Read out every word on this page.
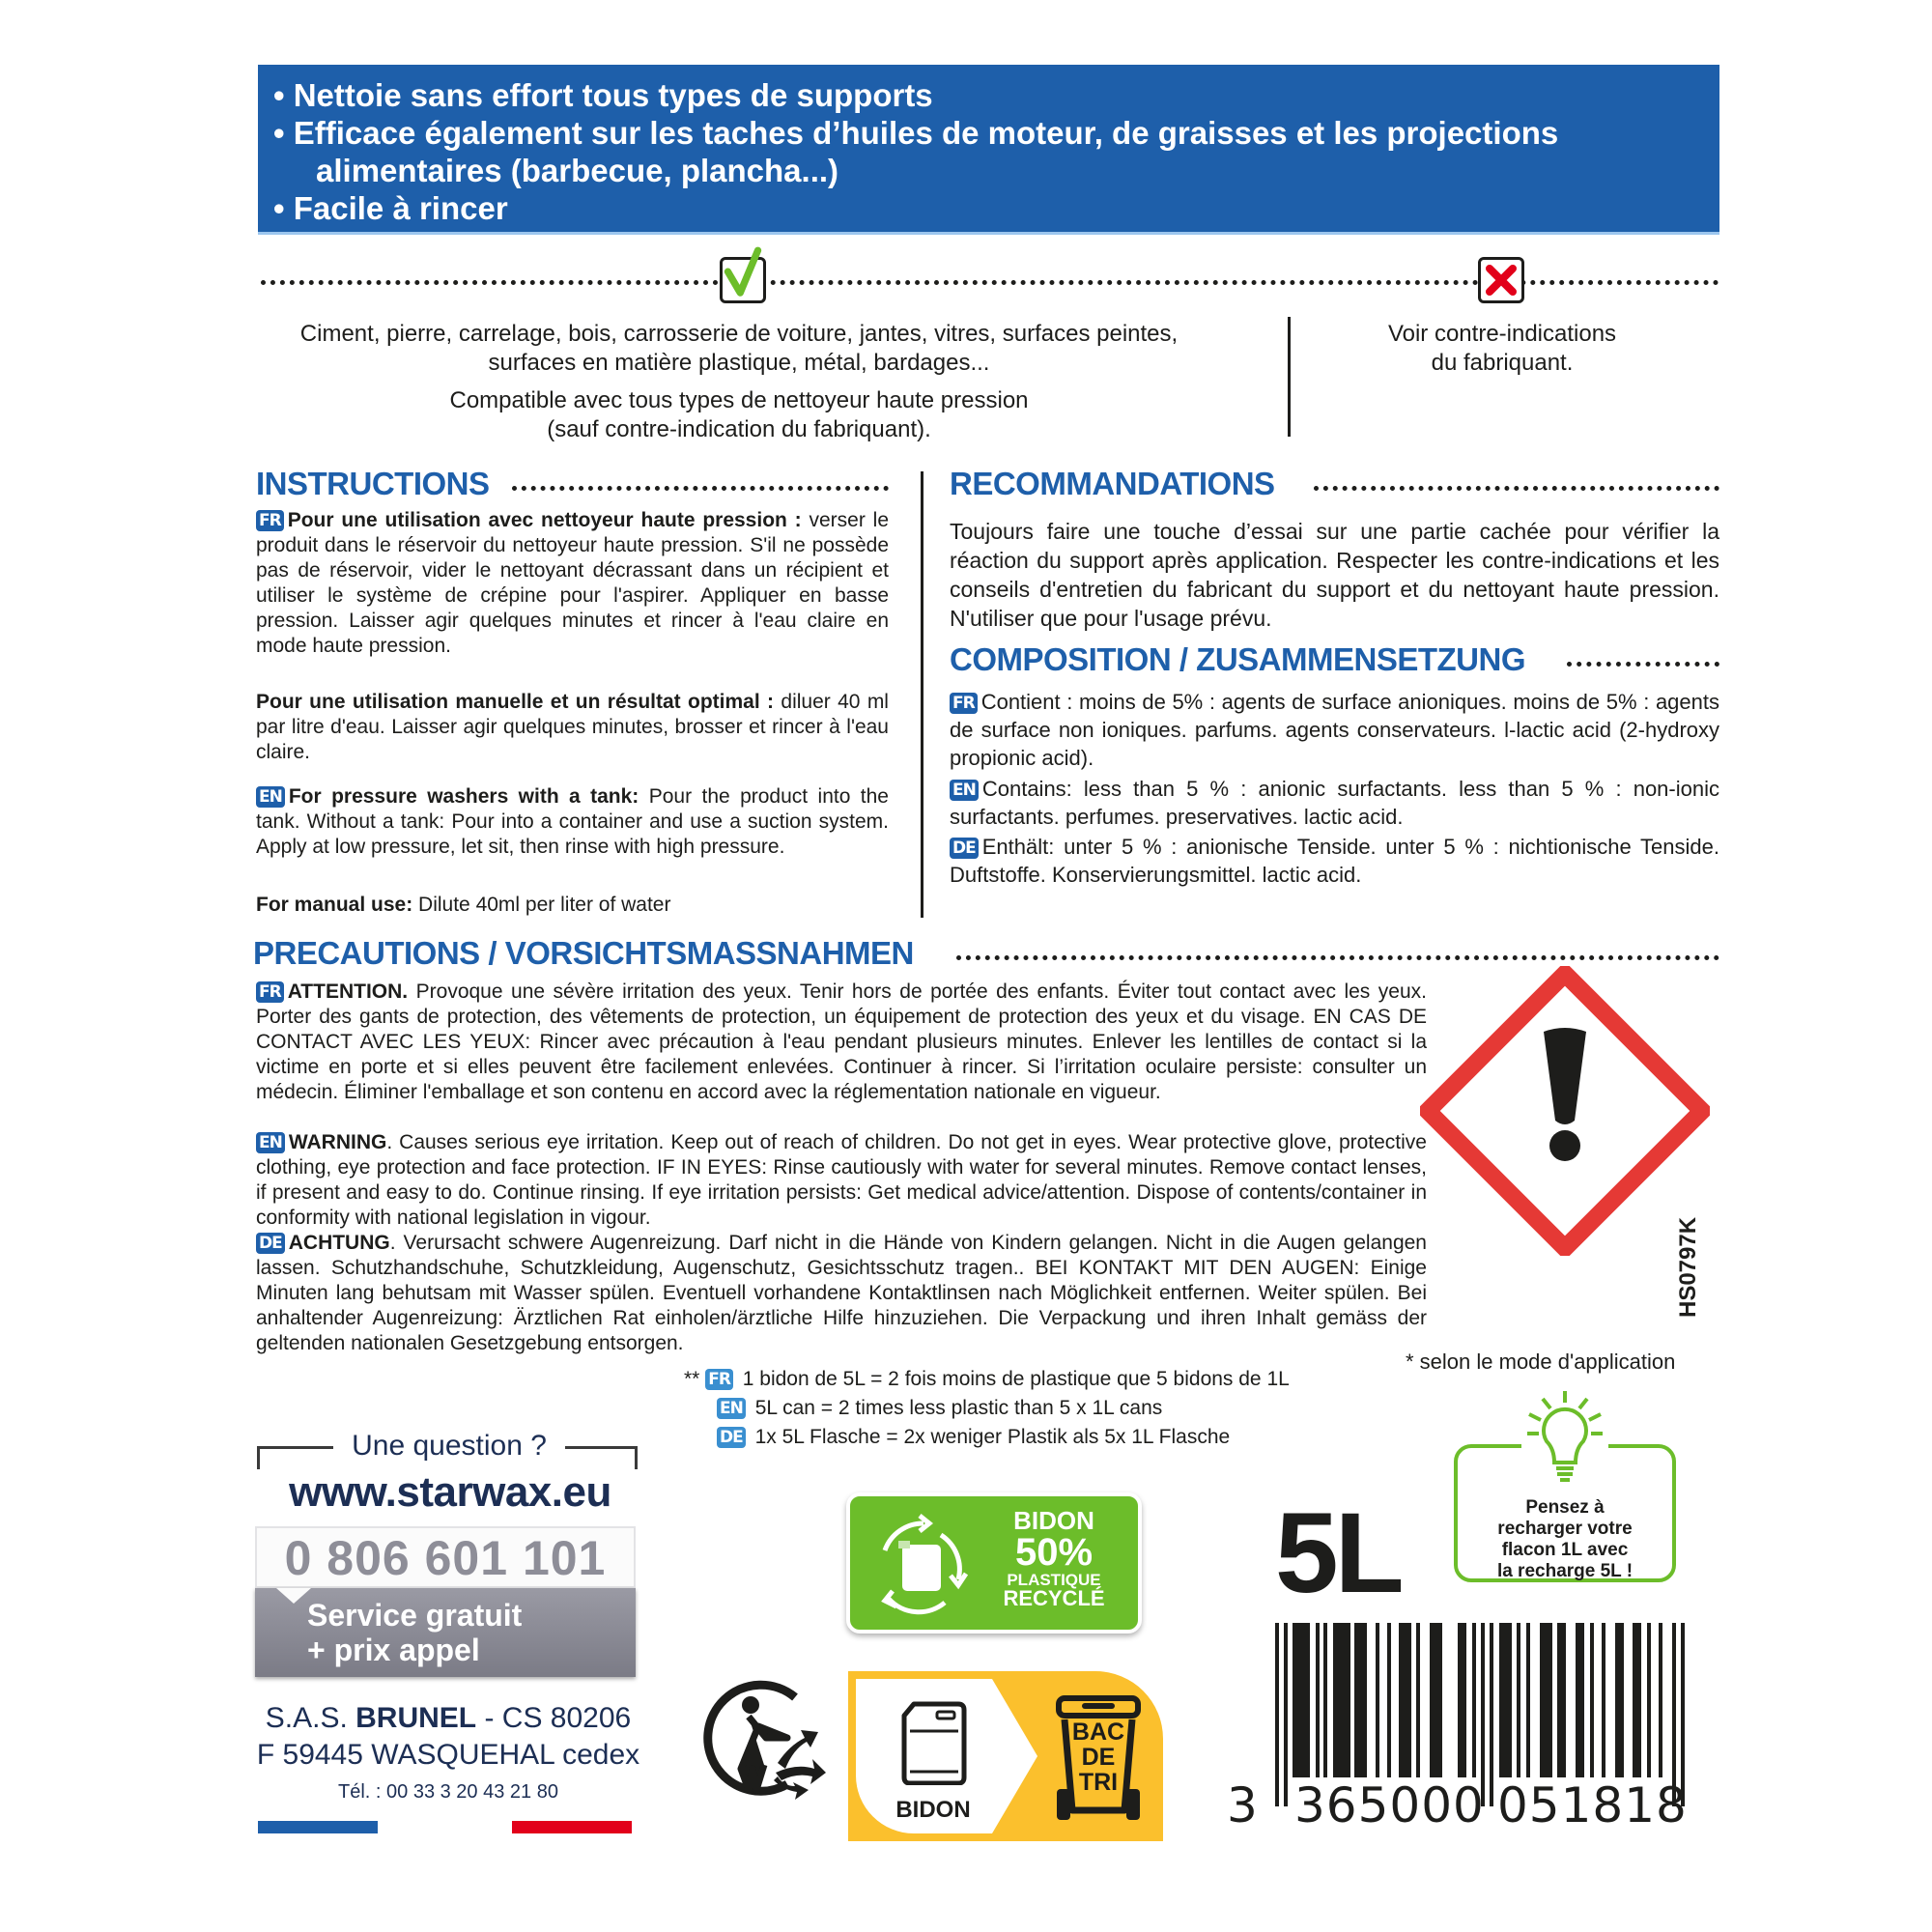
• Nettoie sans effort tous types de supports
• Efficace également sur les taches d’huiles de moteur, de graisses et les projections
alimentaires (barbecue, plancha...)
• Facile à rincer
Ciment, pierre, carrelage, bois, carrosserie de voiture, jantes, vitres, surfaces peintes,
surfaces en matière plastique, métal, bardages...
Compatible avec tous types de nettoyeur haute pression
(sauf contre-indication du fabriquant).
Voir contre-indications
du fabriquant.
INSTRUCTIONS
FR Pour une utilisation avec nettoyeur haute pression : verser le produit dans le réservoir du nettoyeur haute pression. S'il ne possède pas de réservoir, vider le nettoyant décrassant dans un récipient et utiliser le système de crépine pour l'aspirer. Appliquer en basse pression. Laisser agir quelques minutes et rincer à l'eau claire en mode haute pression.
Pour une utilisation manuelle et un résultat optimal : diluer 40 ml par litre d'eau. Laisser agir quelques minutes, brosser et rincer à l'eau claire.
EN For pressure washers with a tank: Pour the product into the tank. Without a tank: Pour into a container and use a suction system. Apply at low pressure, let sit, then rinse with high pressure.
For manual use: Dilute 40ml per liter of water
RECOMMANDATIONS
Toujours faire une touche d’essai sur une partie cachée pour vérifier la réaction du support après application. Respecter les contre-indications et les conseils d'entretien du fabricant du support et du nettoyant haute pression. N'utiliser que pour l'usage prévu.
COMPOSITION / ZUSAMMENSETZUNG
FR Contient : moins de 5% : agents de surface anioniques. moins de 5% : agents de surface non ioniques. parfums. agents conservateurs. l-lactic acid (2-hydroxy propionic acid).
EN Contains: less than 5 % : anionic surfactants. less than 5 % : non-ionic surfactants. perfumes. preservatives. lactic acid.
DE Enthält: unter 5 % : anionische Tenside. unter 5 % : nichtionische Tenside. Duftstoffe. Konservierungsmittel. lactic acid.
PRECAUTIONS / VORSICHTSMASSNAHMEN
FR ATTENTION. Provoque une sévère irritation des yeux. Tenir hors de portée des enfants. Éviter tout contact avec les yeux. Porter des gants de protection, des vêtements de protection, un équipement de protection des yeux et du visage. EN CAS DE CONTACT AVEC LES YEUX: Rincer avec précaution à l'eau pendant plusieurs minutes. Enlever les lentilles de contact si la victime en porte et si elles peuvent être facilement enlevées. Continuer à rincer. Si l’irritation oculaire persiste: consulter un médecin. Éliminer l'emballage et son contenu en accord avec la réglementation nationale en vigueur.
EN WARNING. Causes serious eye irritation. Keep out of reach of children. Do not get in eyes. Wear protective glove, protective clothing, eye protection and face protection. IF IN EYES: Rinse cautiously with water for several minutes. Remove contact lenses, if present and easy to do. Continue rinsing. If eye irritation persists: Get medical advice/attention. Dispose of contents/container in conformity with national legislation in vigour.
DE ACHTUNG. Verursacht schwere Augenreizung. Darf nicht in die Hände von Kindern gelangen. Nicht in die Augen gelangen lassen. Schutzhandschuhe, Schutzkleidung, Augenschutz, Gesichtsschutz tragen.. BEI KONTAKT MIT DEN AUGEN: Einige Minuten lang behutsam mit Wasser spülen. Eventuell vorhandene Kontaktlinsen nach Möglichkeit entfernen. Weiter spülen. Bei anhaltender Augenreizung: Ärztlichen Rat einholen/ärztliche Hilfe hinzuziehen. Die Verpackung und ihren Inhalt gemäss der geltenden nationalen Gesetzgebung entsorgen.
HS0797K
* selon le mode d'application
** FR 1 bidon de 5L = 2 fois moins de plastique que 5 bidons de 1L
EN 5L can = 2 times less plastic than 5 x 1L cans
DE 1x 5L Flasche = 2x weniger Plastik als 5x 1L Flasche
Une question ?
www.starwax.eu
0 806 601 101
Service gratuit
+ prix appel
S.A.S. BRUNEL - CS 80206
F 59445 WASQUEHAL cedex
Tél. : 00 33 3 20 43 21 80
BIDON
50%
PLASTIQUE
RECYCLÉ
BIDON
BAC
DE
TRI
5L	Pensez à
recharger votre
flacon 1L avec
la recharge 5L !
3 365000 051818
